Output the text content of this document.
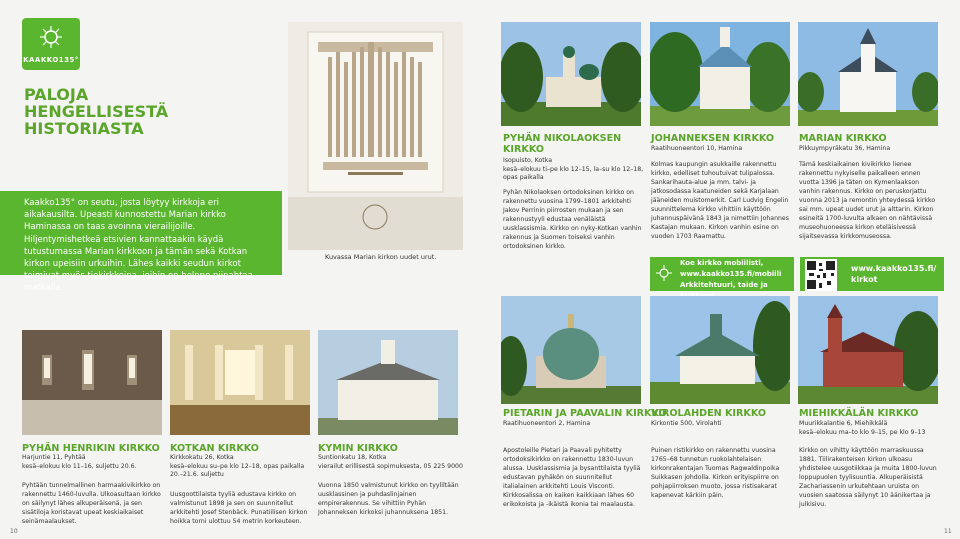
KAAKKO135°
PALOJA HENGELLISESTÄ HISTORIASTA
Kaakko135° on seutu, josta löytyy kirkkoja eri aikakausilta. Upeasti kunnostettu Marian kirkko Haminassa on taas avoinna vierailijoille. Hiljentymishetkeä etsivien kannattaakin käydä tutustumassa Marian kirkkoon ja tämän sekä Kotkan kirkon upeisiin urkuihin. Lähes kaikki seudun kirkot toimivat myös tiekirkkoina, joihin on helppo piipahtaa matkalla.
Kuvassa Marian kirkon uudet urut.
PYHÄN NIKOLAOKSEN KIRKKO
Isopuisto, Kotka
kesä–elokuu ti–pe klo 12–15, la–su klo 12–18, opas paikalla
Pyhän Nikolaoksen ortodoksinen kirkko on rakennettu vuosina 1799–1801 arkkitehti Jakov Perrinin piirrosten mukaan ja sen rakennustyyli edustaa venäläistä uusklassismia. Kirkko on nyky-Kotkan vanhin rakennus ja Suomen toiseksi vanhin ortodoksinen kirkko.
JOHANNEKSEN KIRKKO
Raatihuoneentori 10, Hamina
Kolmas kaupungin asukkaille rakennettu kirkko, edelliset tuhoutuivat tulipalossa. Sankarihauta-alue ja mm. talvi- ja jatkosodassa kaatuneiden sekä Karjalaan jääneiden muistomerkit. Carl Ludvig Engelin suunnittelema kirkko vihittiin käyttöön juhannuspäivänä 1843 ja nimettiin Johannes Kastajan mukaan. Kirkon vanhin esine on vuoden 1703 Raamattu.
MARIAN KIRKKO
Pikkuympyräkatu 36, Hamina
Tämä keskiaikainen kivikirkko lienee rakennettu nykyiselle paikalleen ennen vuotta 1396 ja täten on Kymenlaakson vanhin rakennus. Kirkko on peruskorjattu vuonna 2013 ja remontin yhteydessä kirkko sai mm. upeat uudet urut ja alttarin. Kirkon esineitä 1700-luvulta alkaen on nähtävissä museohuoneessa kirkon eteläisivessä sijaitsevassa kirkkomuseossa.
Koe kirkko mobiilisti, www.kaakko135.fi/mobiili Arkkitehtuuri, taide ja
www.kaakko135.fi/ kirkot
PIETARIN JA PAAVALIN KIRKKO
Raatihuoneentori 2, Hamina
Apostoleille Pietari ja Paavali pyhitetty ortodoksikirkko on rakennettu 1830-luvun alussa. Uusklassismia ja bysanttilaista tyyliä edustavan pyhäkön on suunnitellut italialainen arkkitehti Louis Visconti. Kirkkosalissa on kaiken kaikkiaan lähes 60 erikokoista ja -ikäistä ikonia tai maalausta.
VIROLAHDEN KIRKKO
Kirkontie 500, Virolahti
Puinen ristikirkko on rakennettu vuosina 1765–68 tunnetun ruokolahtelaisen kirkonrakentajan Tuomas Ragwaldinpoika Suikkasen johdolla. Kirkon erityispiirre on pohjapiirroksen muoto, jossa ristisakarat kapenevat kärkiin päin.
MIEHIKKÄLÄN KIRKKO
Muurikkalantie 6, Miehikkälä
kesä–elokuu ma–to klo 9–15, pe klo 9–13
Kirkko on vihitty käyttöön marraskuussa 1881. Tiilirakenteisen kirkon ulkoasu yhdistelee uusgotiikkaa ja muita 1800-luvun loppupuolen tyylisuuntia. Alkuperäisistä Zachariassenin urkutehtaan uruista on vuosien saatossa säilynyt 10 äänikertaa ja julkisivu.
PYHÄN HENRIKIN KIRKKO
Harjuntie 11, Pyhtää
kesä–elokuu klo 11–16, suljettu 20.6.
Pyhtään tunnelmallinen harmaakivikirkko on rakennettu 1460-luvulla. Ulkoasultaan kirkko on säilynyt lähes alkuperäisenä, ja sen sisätiloja koristavat upeat keskiaikaiset seinämaalaukset.
KOTKAN KIRKKO
Kirkkokatu 26, Kotka
kesä–elokuu su–pe klo 12–18, opas paikalla 20.–21.6. suljettu
Uusgoottilaista tyyliä edustava kirkko on valmistunut 1898 ja sen on suunnitellut arkkitehti Josef Stenbäck. Punatiilisen kirkon hoikka torni ulottuu 54 metrin korkeuteen.
KYMIN KIRKKO
Suntionkatu 18, Kotka
vierailut erillisestä sopimuksesta, 05 225 9000
Vuonna 1850 valmistunut kirkko on tyyliltään uusklassinen ja puhdaslinjainen empirerakennus. Se vihittiin Pyhän Johanneksen kirkoksi juhannuksena 1851.
10	11
